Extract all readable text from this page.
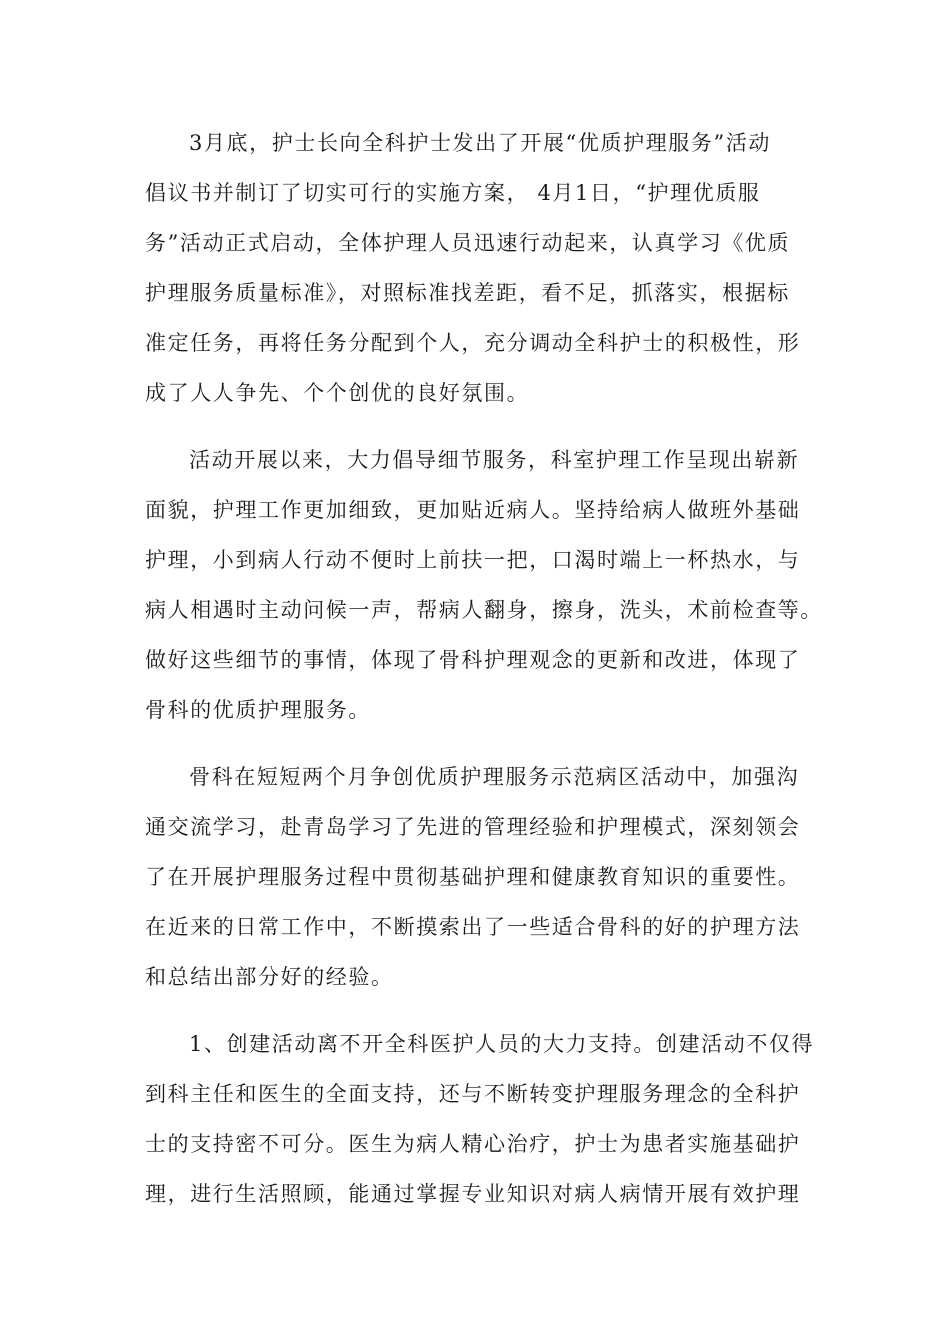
3月底，护士长向全科护士发出了开展“优质护理服务”活动
倡议书并制订了切实可行的实施方案， 4月1日，“护理优质服
务”活动正式启动，全体护理人员迅速行动起来，认真学习《优质
护理服务质量标准》，对照标准找差距，看不足，抓落实，根据标
准定任务，再将任务分配到个人，充分调动全科护士的积极性，形
成了人人争先、个个创优的良好氛围。
活动开展以来，大力倡导细节服务，科室护理工作呈现出崭新
面貌，护理工作更加细致，更加贴近病人。坚持给病人做班外基础
护理，小到病人行动不便时上前扶一把，口渴时端上一杯热水，与
病人相遇时主动问候一声，帮病人翻身，擦身，洗头，术前检查等。
做好这些细节的事情，体现了骨科护理观念的更新和改进，体现了
骨科的优质护理服务。
骨科在短短两个月争创优质护理服务示范病区活动中，加强沟
通交流学习，赴青岛学习了先进的管理经验和护理模式，深刻领会
了在开展护理服务过程中贯彻基础护理和健康教育知识的重要性。
在近来的日常工作中，不断摸索出了一些适合骨科的好的护理方法
和总结出部分好的经验。
1、创建活动离不开全科医护人员的大力支持。创建活动不仅得
到科主任和医生的全面支持，还与不断转变护理服务理念的全科护
士的支持密不可分。医生为病人精心治疗，护士为患者实施基础护
理，进行生活照顾，能通过掌握专业知识对病人病情开展有效护理
